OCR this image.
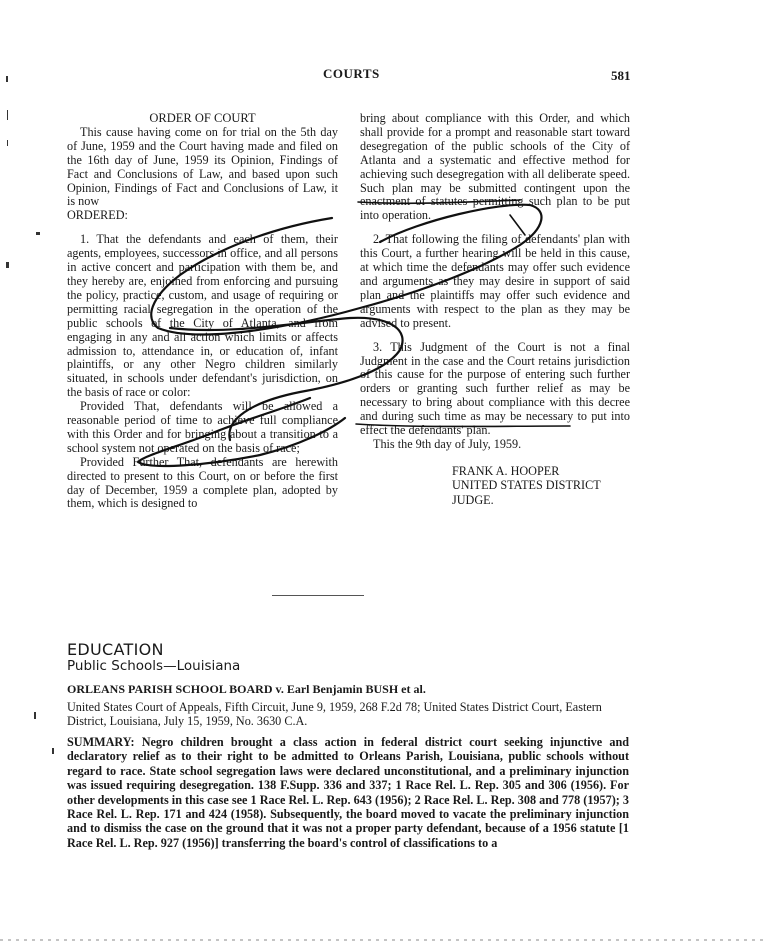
COURTS	581

ORDER OF COURT

This cause having come on for trial on the 5th day of June, 1959 and the Court having made and filed on the 16th day of June, 1959 its Opinion, Findings of Fact and Conclusions of Law, and based upon such Opinion, Findings of Fact and Conclusions of Law, it is now

ORDERED:

1. That the defendants and each of them, their agents, employees, successors in office, and all persons in active concert and participation with them be, and they hereby are, enjoined from enforcing and pursuing the policy, practice, custom, and usage of requiring or permitting racial segregation in the operation of the public schools of the City of Atlanta, and from engaging in any and all action which limits or affects admission to, attendance in, or education of, infant plaintiffs, or any other Negro children similarly situated, in schools under defendant's jurisdiction, on the basis of race or color:

Provided That, defendants will be allowed a reasonable period of time to achieve full compliance with this Order and for bringing about a transition to a school system not operated on the basis of race;

Provided Further That, defendants are herewith directed to present to this Court, on or before the first day of December, 1959 a complete plan, adopted by them, which is designed to

bring about compliance with this Order, and which shall provide for a prompt and reasonable start toward desegregation of the public schools of the City of Atlanta and a systematic and effective method for achieving such desegregation with all deliberate speed. Such plan may be submitted contingent upon the enactment of statutes permitting such plan to be put into operation.

2. That following the filing of defendants' plan with this Court, a further hearing will be held in this cause, at which time the defendants may offer such evidence and arguments as they may desire in support of said plan and the plaintiffs may offer such evidence and arguments with respect to the plan as they may be advised to present.

3. This Judgment of the Court is not a final Judgment in the case and the Court retains jurisdiction of this cause for the purpose of entering such further orders or granting such further relief as may be necessary to bring about compliance with this decree and during such time as may be necessary to put into effect the defendants' plan.

This the 9th day of July, 1959.

FRANK A. HOOPER
UNITED STATES DISTRICT
JUDGE.
EDUCATION
Public Schools—Louisiana
ORLEANS PARISH SCHOOL BOARD v. Earl Benjamin BUSH et al.
United States Court of Appeals, Fifth Circuit, June 9, 1959, 268 F.2d 78; United States District Court, Eastern District, Louisiana, July 15, 1959, No. 3630 C.A.
SUMMARY: Negro children brought a class action in federal district court seeking injunctive and declaratory relief as to their right to be admitted to Orleans Parish, Louisiana, public schools without regard to race. State school segregation laws were declared unconstitutional, and a preliminary injunction was issued requiring desegregation. 138 F.Supp. 336 and 337; 1 Race Rel. L. Rep. 305 and 306 (1956). For other developments in this case see 1 Race Rel. L. Rep. 643 (1956); 2 Race Rel. L. Rep. 308 and 778 (1957); 3 Race Rel. L. Rep. 171 and 424 (1958). Subsequently, the board moved to vacate the preliminary injunction and to dismiss the case on the ground that it was not a proper party defendant, because of a 1956 statute [1 Race Rel. L. Rep. 927 (1956)] transferring the board's control of classifications to a
